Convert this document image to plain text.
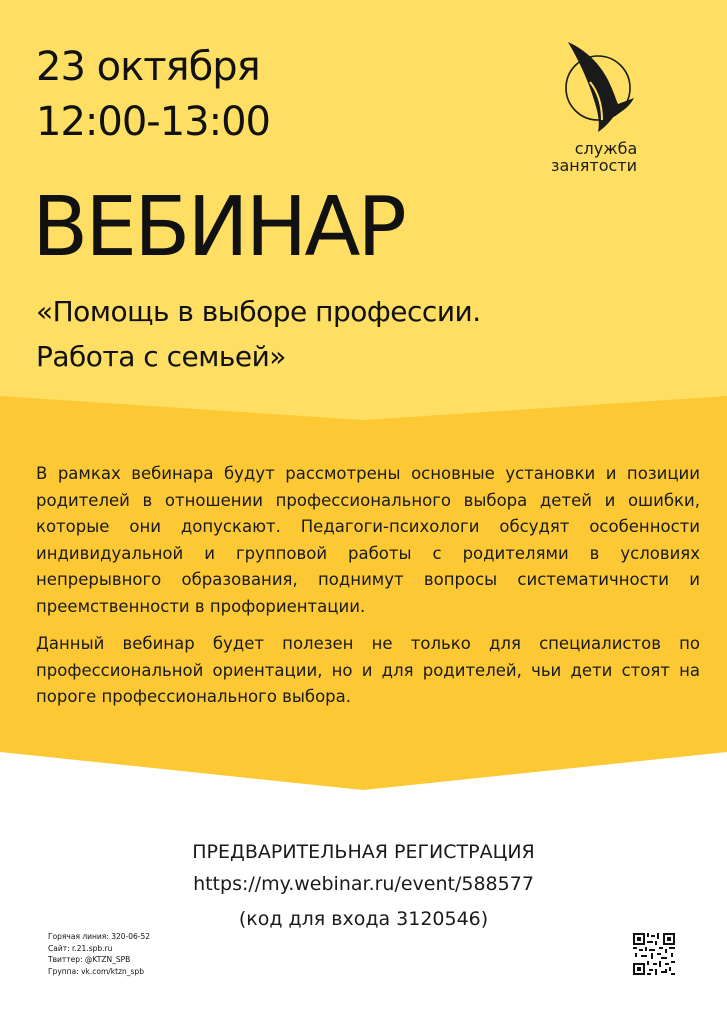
23 октября
12:00-13:00
служба
занятости
ВЕБИНАР

«Помощь в выборе профессии.

Работа с семьей»

В рамках вебинара будут рассмотрены основные установки и позиции родителей в отношении профессионального выбора детей и ошибки, которые они допускают. Педагоги-психологи обсудят особенности индивидуальной и групповой работы с родителями в условиях непрерывного образования, поднимут вопросы систематичности и преемственности в профориентации.

Данный вебинар будет полезен не только для специалистов по профессиональной ориентации, но и для родителей, чьи дети стоят на пороге профессионального выбора.

ПРЕДВАРИТЕЛЬНАЯ РЕГИСТРАЦИЯ
https://my.webinar.ru/event/588577
(код для входа 3120546)
Горячая линия: 320-06-52
Сайт: r.21.spb.ru
Твиттер: @KTZN_SPB
Группа: vk.com/ktzn_spb
